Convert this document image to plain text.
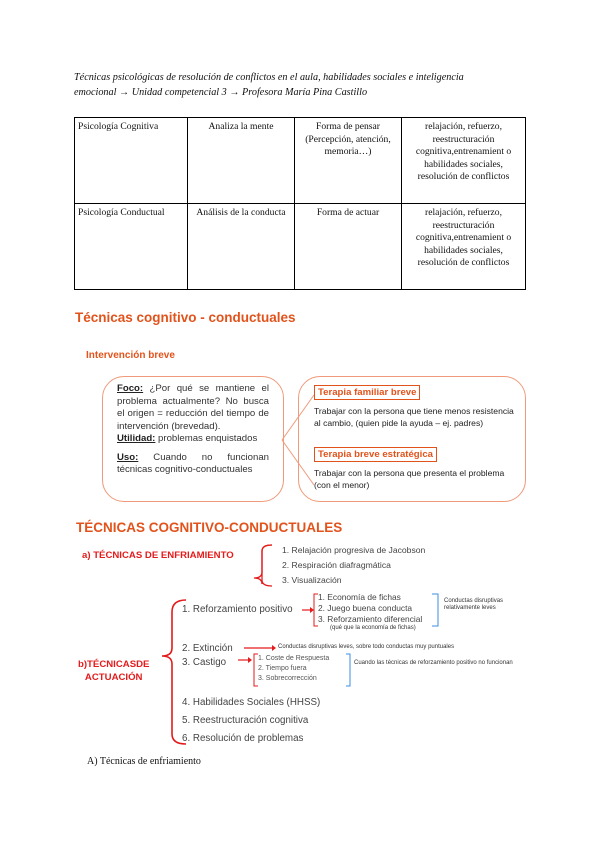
Técnicas psicológicas de resolución de conflictos en el aula, habilidades sociales e inteligencia
emocional → Unidad competencial 3 → Profesora María Pina Castillo
Psicología Cognitiva	Analiza la mente	Forma de pensar (Percepción, atención, memoria…)	relajación, refuerzo, reestructuración cognitiva,entrenamient o habilidades sociales, resolución de conflictos
Psicología Conductual	Análisis de la conducta	Forma de actuar	relajación, refuerzo, reestructuración cognitiva,entrenamient o habilidades sociales, resolución de conflictos
Técnicas cognitivo - conductuales
Intervención breve
Foco: ¿Por qué se mantiene el problema actualmente? No busca el origen = reducción del tiempo de intervención (brevedad).
Utilidad: problemas enquistados
Uso: Cuando no funcionan técnicas cognitivo-conductuales
Terapia familiar breve
Trabajar con la persona que tiene menos resistencia al cambio, (quien pide la ayuda – ej. padres)
Terapia breve estratégica
Trabajar con la persona que presenta el problema (con el menor)
TÉCNICAS COGNITIVO-CONDUCTUALES
a) TÉCNICAS DE ENFRIAMIENTO	1. Relajación progresiva de Jacobson
2. Respiración diafragmática
3. Visualización
b)TÉCNICASDE
ACTUACIÓN
1. Reforzamiento positivo
1. Economía de fichas
2. Juego buena conducta
3. Reforzamiento diferencial
(qué que la economía de fichas)
Conductas disruptivas relativamente leves
2. Extinción	Conductas disruptivas leves, sobre todo conductas muy puntuales
3. Castigo	1. Coste de Respuesta
2. Tiempo fuera
3. Sobrecorrección
Cuando las técnicas de reforzamiento positivo no funcionan
4. Habilidades Sociales (HHSS)
5. Reestructuración cognitiva
6. Resolución de problemas
A) Técnicas de enfriamiento
